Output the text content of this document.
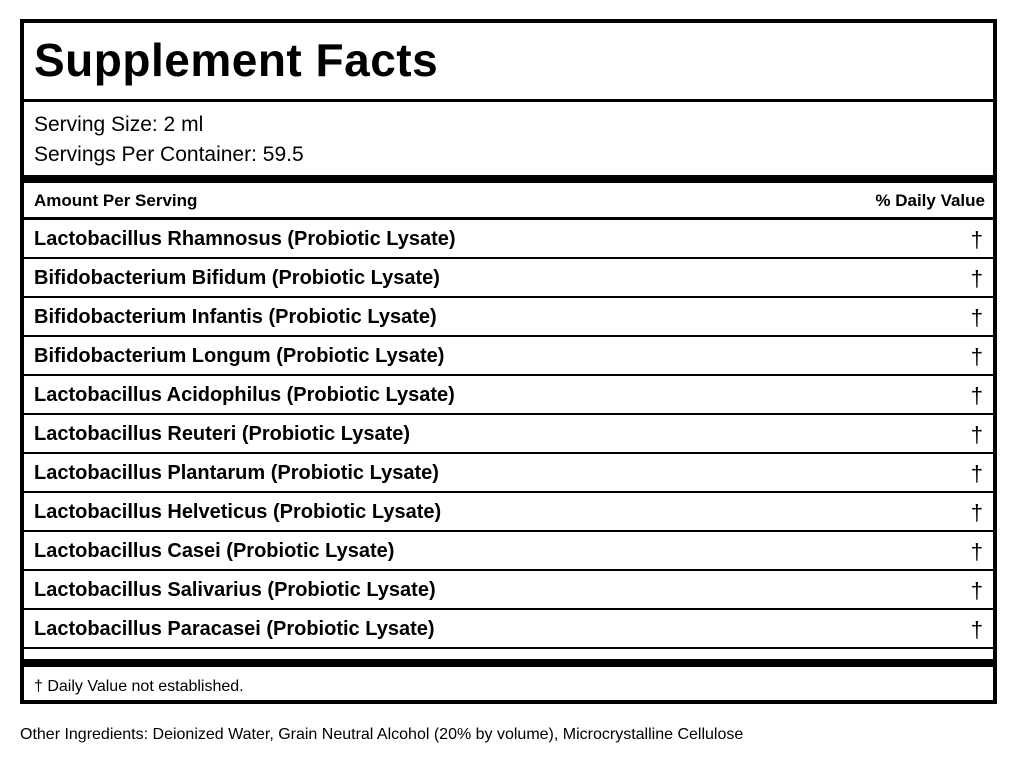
Supplement Facts
Serving Size: 2 ml
Servings Per Container: 59.5
Amount Per Serving	% Daily Value
Lactobacillus Rhamnosus (Probiotic Lysate)	†
Bifidobacterium Bifidum (Probiotic Lysate)	†
Bifidobacterium Infantis (Probiotic Lysate)	†
Bifidobacterium Longum (Probiotic Lysate)	†
Lactobacillus Acidophilus (Probiotic Lysate)	†
Lactobacillus Reuteri (Probiotic Lysate)	†
Lactobacillus Plantarum (Probiotic Lysate)	†
Lactobacillus Helveticus (Probiotic Lysate)	†
Lactobacillus Casei (Probiotic Lysate)	†
Lactobacillus Salivarius (Probiotic Lysate)	†
Lactobacillus Paracasei (Probiotic Lysate)	†
† Daily Value not established.
Other Ingredients: Deionized Water, Grain Neutral Alcohol (20% by volume), Microcrystalline Cellulose
